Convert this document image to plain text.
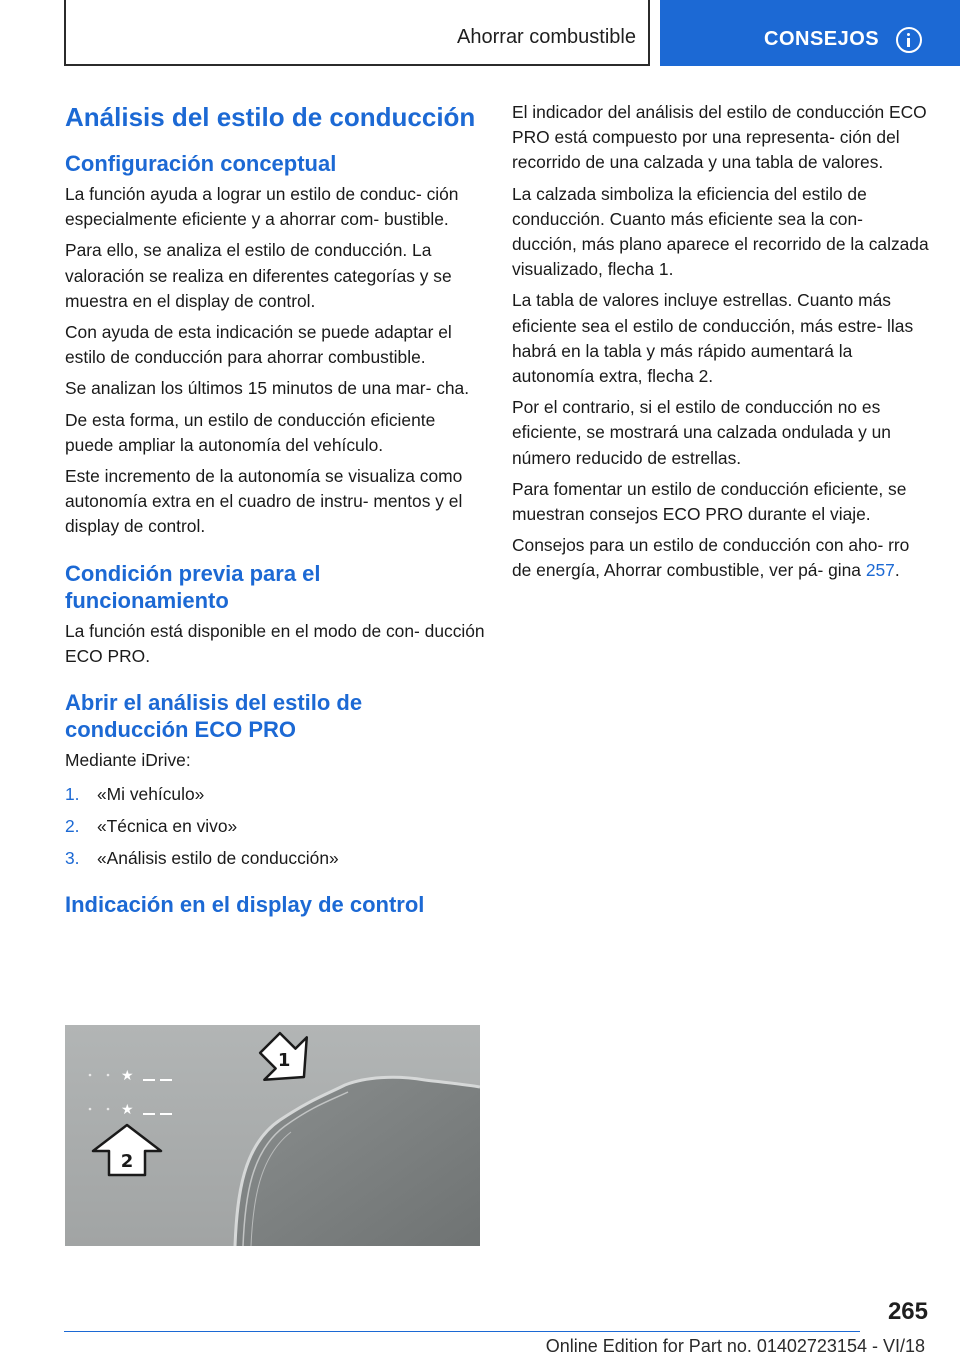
Ahorrar combustible	CONSEJOS
Análisis del estilo de conducción
Configuración conceptual

La función ayuda a lograr un estilo de conduc‐ ción especialmente eficiente y a ahorrar com‐ bustible.

Para ello, se analiza el estilo de conducción. La valoración se realiza en diferentes categorías y se muestra en el display de control.

Con ayuda de esta indicación se puede adaptar el estilo de conducción para ahorrar combustible.

Se analizan los últimos 15 minutos de una mar‐ cha.

De esta forma, un estilo de conducción eficiente puede ampliar la autonomía del vehículo.

Este incremento de la autonomía se visualiza como autonomía extra en el cuadro de instru‐ mentos y el display de control.

Condición previa para el funcionamiento

La función está disponible en el modo de con‐ ducción ECO PRO.

Abrir el análisis del estilo de conducción ECO PRO

Mediante iDrive:

1.	«Mi vehículo»
2.	«Técnica en vivo»
3.	«Análisis estilo de conducción»
Indicación en el display de control
★
★
1
2

El indicador del análisis del estilo de conducción ECO PRO está compuesto por una representa‐ ción del recorrido de una calzada y una tabla de valores.

La calzada simboliza la eficiencia del estilo de conducción. Cuanto más eficiente sea la con‐ ducción, más plano aparece el recorrido de la calzada visualizado, flecha 1.

La tabla de valores incluye estrellas. Cuanto más eficiente sea el estilo de conducción, más estre‐ llas habrá en la tabla y más rápido aumentará la autonomía extra, flecha 2.

Por el contrario, si el estilo de conducción no es eficiente, se mostrará una calzada ondulada y un número reducido de estrellas.

Para fomentar un estilo de conducción eficiente, se muestran consejos ECO PRO durante el viaje.

Consejos para un estilo de conducción con aho‐ rro de energía, Ahorrar combustible, ver pá‐ gina 257.

265
Online Edition for Part no. 01402723154 - VI/18
